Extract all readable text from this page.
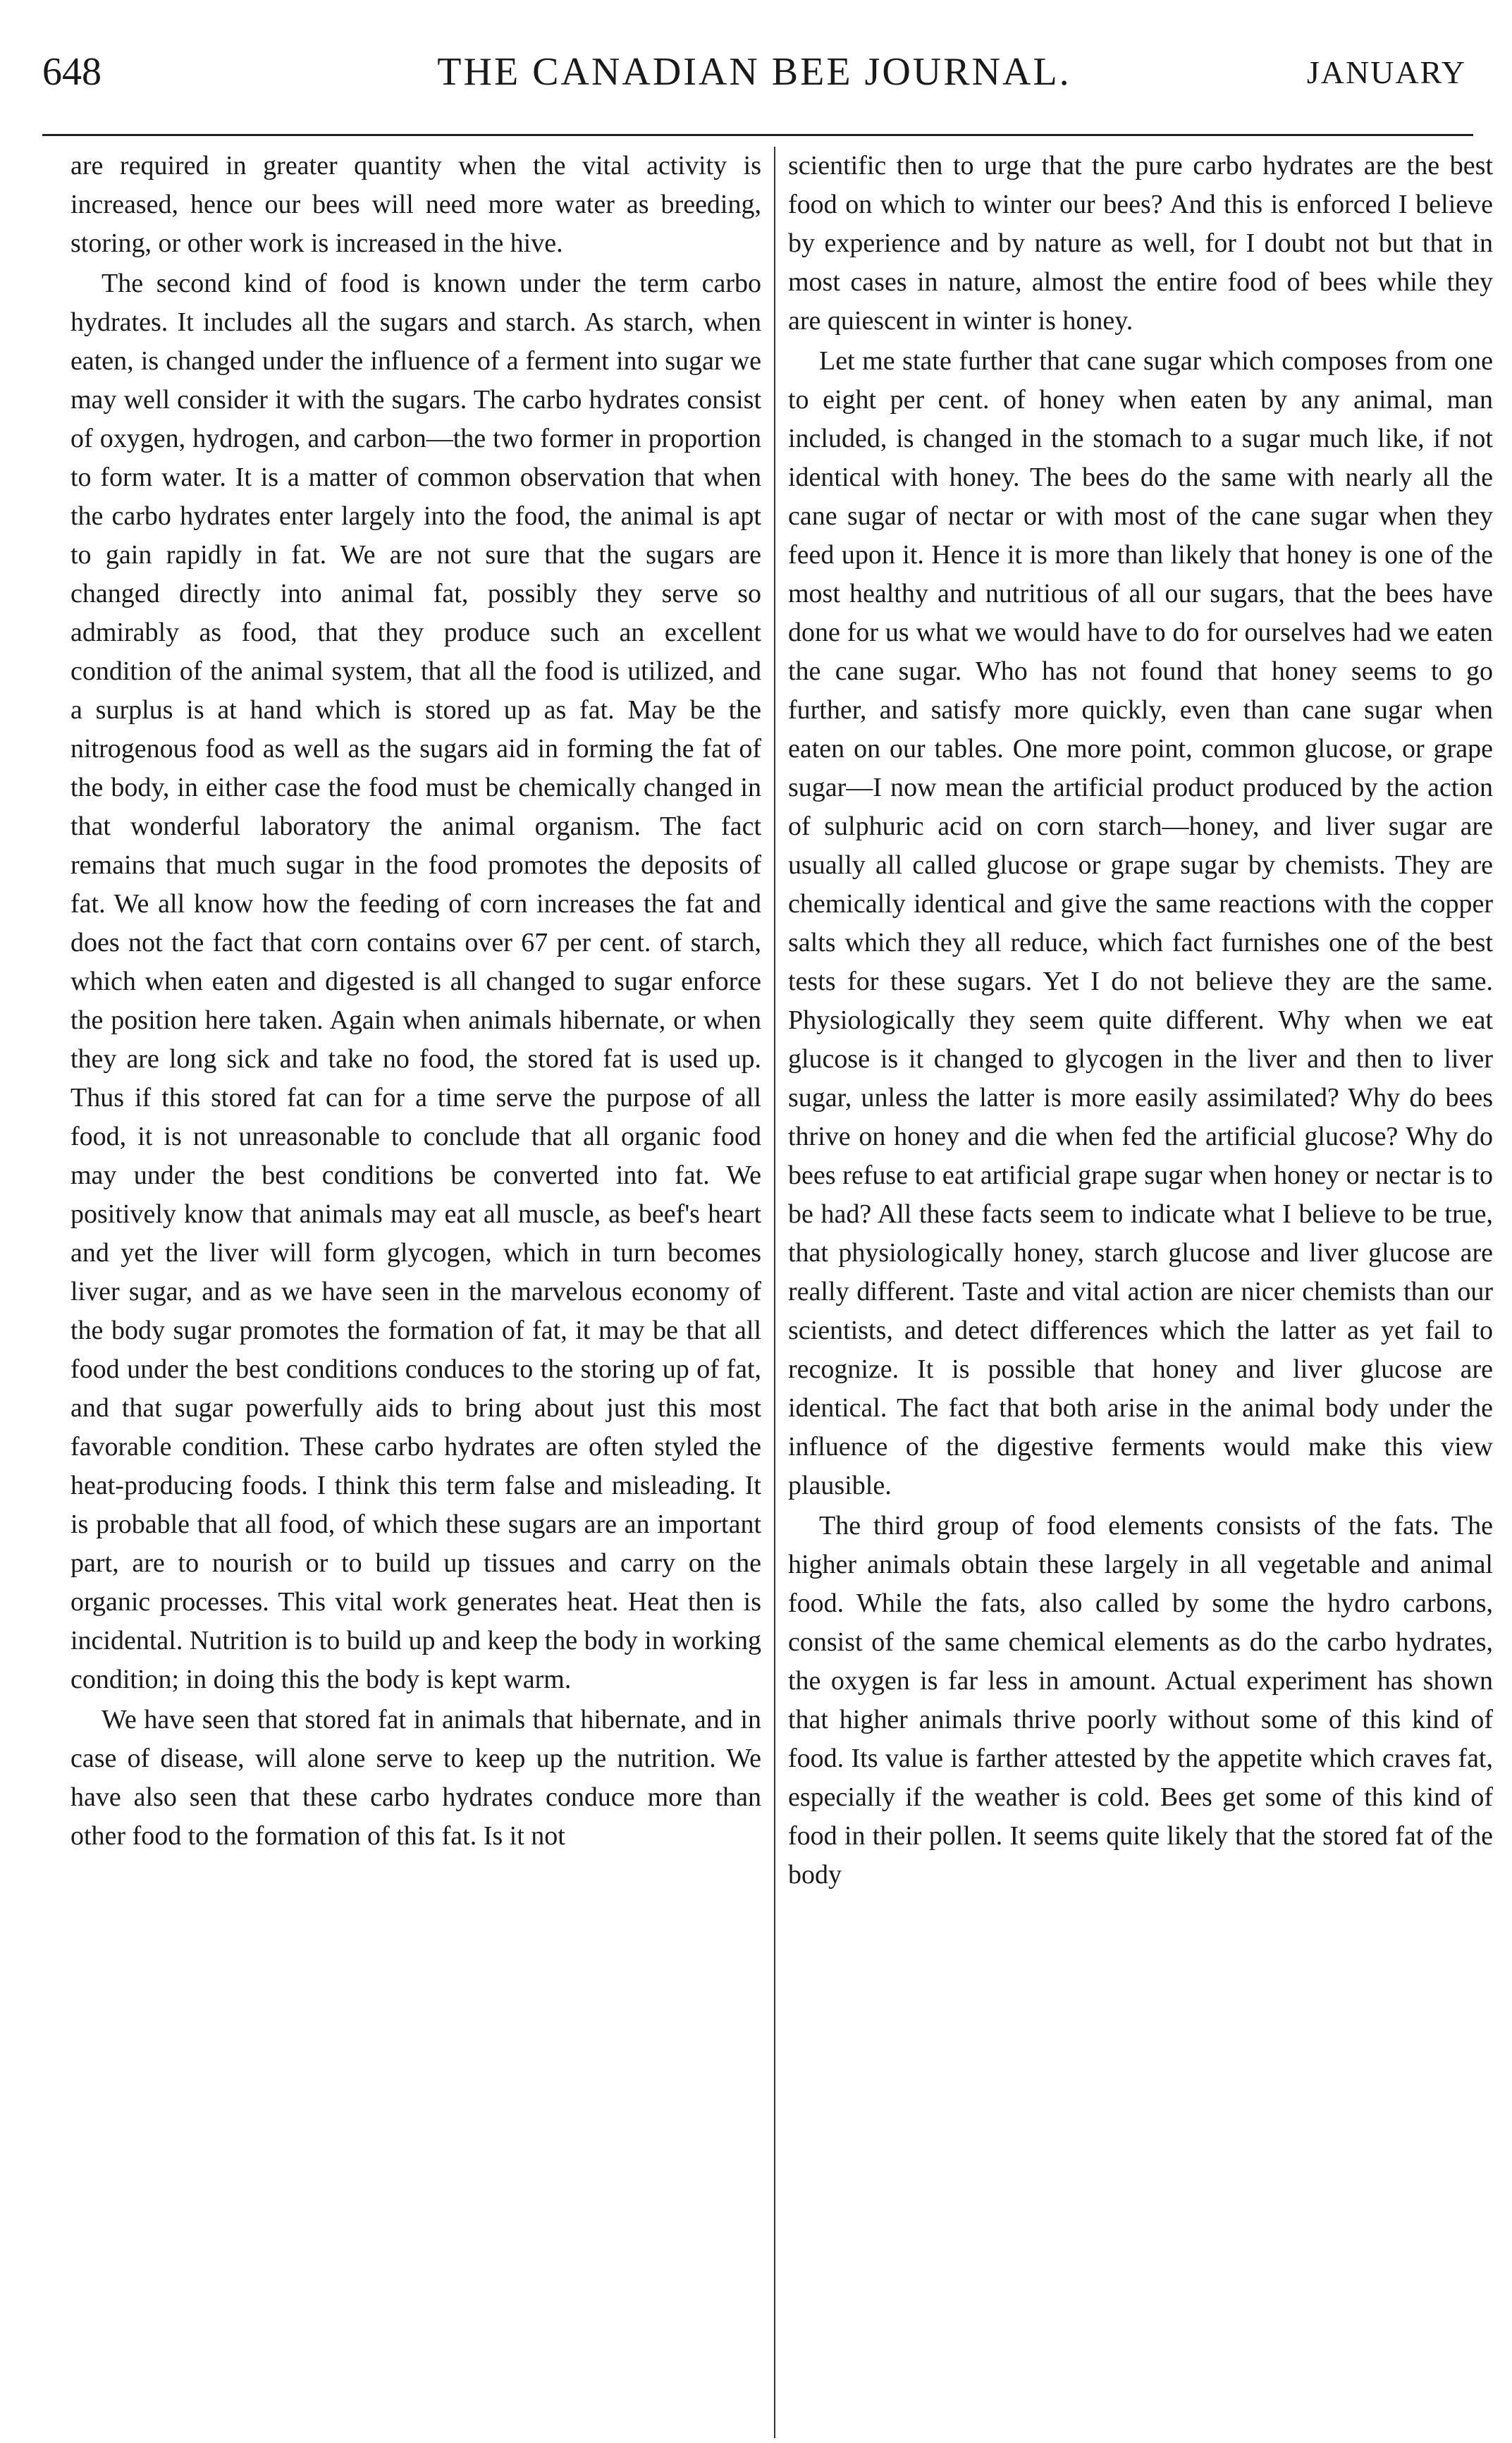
648	THE CANADIAN BEE JOURNAL.	JANUARY

are required in greater quantity when the vital activity is increased, hence our bees will need more water as breeding, storing, or other work is increased in the hive.

The second kind of food is known under the term carbo hydrates. It includes all the sugars and starch. As starch, when eaten, is changed under the influence of a ferment into sugar we may well consider it with the sugars. The carbo hydrates consist of oxygen, hydrogen, and carbon—the two former in proportion to form water. It is a matter of common observation that when the carbo hydrates enter largely into the food, the animal is apt to gain rapidly in fat. We are not sure that the sugars are changed directly into animal fat, possibly they serve so admirably as food, that they produce such an excellent condition of the animal system, that all the food is utilized, and a surplus is at hand which is stored up as fat. May be the nitrogenous food as well as the sugars aid in forming the fat of the body, in either case the food must be chemically changed in that wonderful laboratory the animal organism. The fact remains that much sugar in the food promotes the deposits of fat. We all know how the feeding of corn increases the fat and does not the fact that corn contains over 67 per cent. of starch, which when eaten and digested is all changed to sugar enforce the position here taken. Again when animals hibernate, or when they are long sick and take no food, the stored fat is used up. Thus if this stored fat can for a time serve the purpose of all food, it is not unreasonable to conclude that all organic food may under the best conditions be converted into fat. We positively know that animals may eat all muscle, as beef's heart and yet the liver will form glycogen, which in turn becomes liver sugar, and as we have seen in the marvelous economy of the body sugar promotes the formation of fat, it may be that all food under the best conditions conduces to the storing up of fat, and that sugar powerfully aids to bring about just this most favorable condition. These carbo hydrates are often styled the heat-producing foods. I think this term false and misleading. It is probable that all food, of which these sugars are an important part, are to nourish or to build up tissues and carry on the organic processes. This vital work generates heat. Heat then is incidental. Nutrition is to build up and keep the body in working condition; in doing this the body is kept warm.

We have seen that stored fat in animals that hibernate, and in case of disease, will alone serve to keep up the nutrition. We have also seen that these carbo hydrates conduce more than other food to the formation of this fat. Is it not

scientific then to urge that the pure carbo hydrates are the best food on which to winter our bees? And this is enforced I believe by experience and by nature as well, for I doubt not but that in most cases in nature, almost the entire food of bees while they are quiescent in winter is honey.

Let me state further that cane sugar which composes from one to eight per cent. of honey when eaten by any animal, man included, is changed in the stomach to a sugar much like, if not identical with honey. The bees do the same with nearly all the cane sugar of nectar or with most of the cane sugar when they feed upon it. Hence it is more than likely that honey is one of the most healthy and nutritious of all our sugars, that the bees have done for us what we would have to do for ourselves had we eaten the cane sugar. Who has not found that honey seems to go further, and satisfy more quickly, even than cane sugar when eaten on our tables. One more point, common glucose, or grape sugar—I now mean the artificial product produced by the action of sulphuric acid on corn starch—honey, and liver sugar are usually all called glucose or grape sugar by chemists. They are chemically identical and give the same reactions with the copper salts which they all reduce, which fact furnishes one of the best tests for these sugars. Yet I do not believe they are the same. Physiologically they seem quite different. Why when we eat glucose is it changed to glycogen in the liver and then to liver sugar, unless the latter is more easily assimilated? Why do bees thrive on honey and die when fed the artificial glucose? Why do bees refuse to eat artificial grape sugar when honey or nectar is to be had? All these facts seem to indicate what I believe to be true, that physiologically honey, starch glucose and liver glucose are really different. Taste and vital action are nicer chemists than our scientists, and detect differences which the latter as yet fail to recognize. It is possible that honey and liver glucose are identical. The fact that both arise in the animal body under the influence of the digestive ferments would make this view plausible.

The third group of food elements consists of the fats. The higher animals obtain these largely in all vegetable and animal food. While the fats, also called by some the hydro carbons, consist of the same chemical elements as do the carbo hydrates, the oxygen is far less in amount. Actual experiment has shown that higher animals thrive poorly without some of this kind of food. Its value is farther attested by the appetite which craves fat, especially if the weather is cold. Bees get some of this kind of food in their pollen. It seems quite likely that the stored fat of the body
